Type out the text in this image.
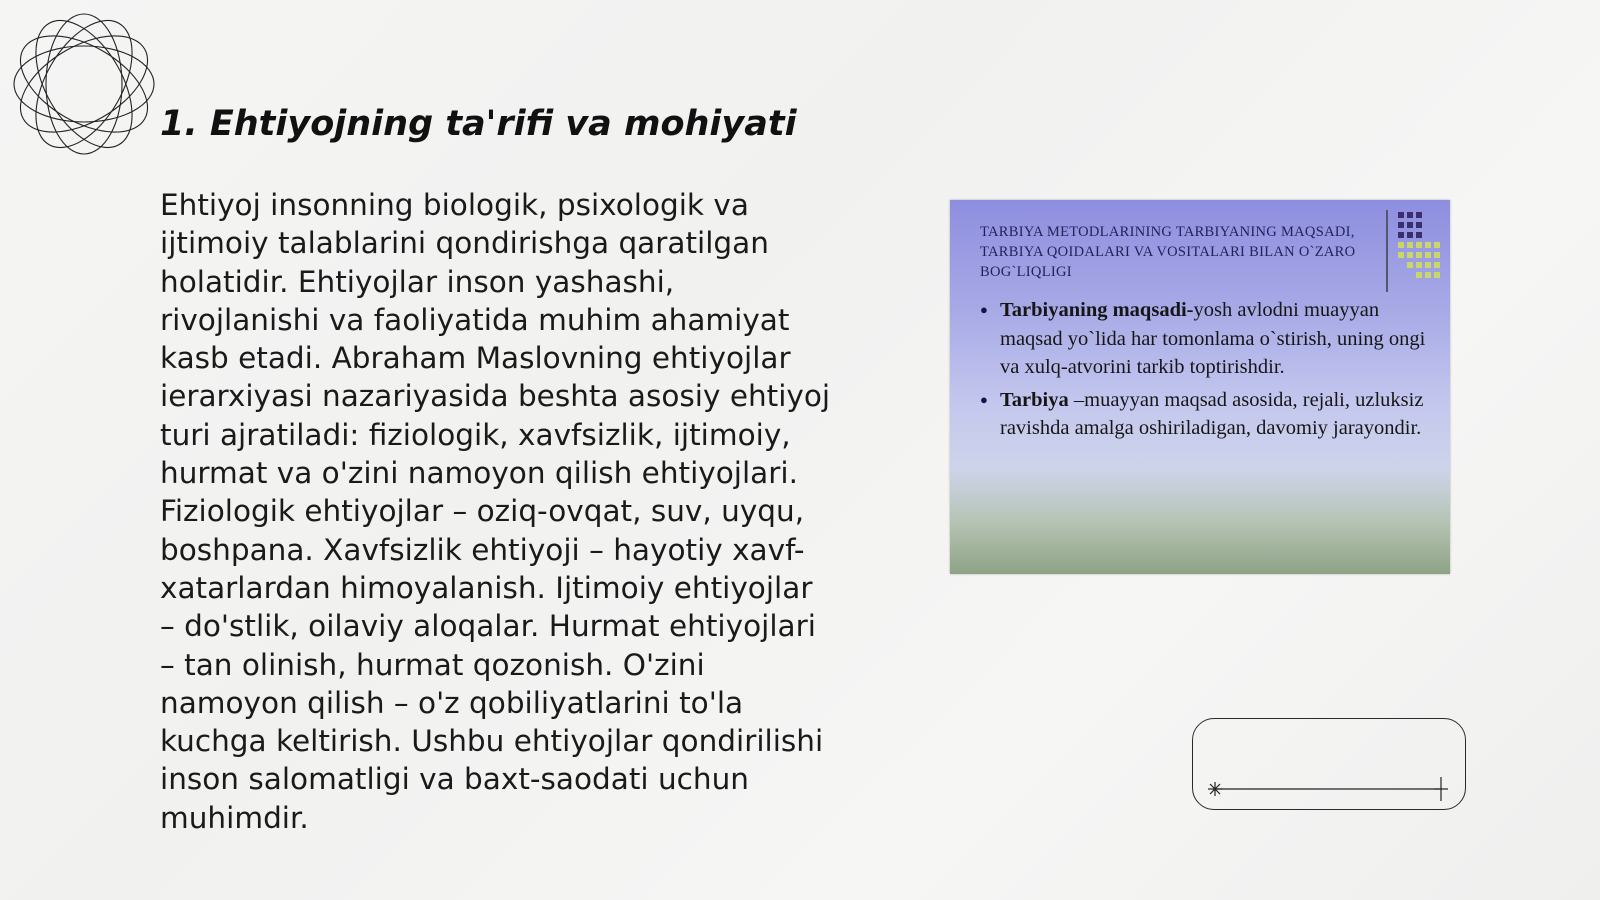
1. Ehtiyojning ta'rifi va mohiyati

Ehtiyoj insonning biologik, psixologik va
ijtimoiy talablarini qondirishga qaratilgan
holatidir. Ehtiyojlar inson yashashi,
rivojlanishi va faoliyatida muhim ahamiyat
kasb etadi. Abraham Maslovning ehtiyojlar
ierarxiyasi nazariyasida beshta asosiy ehtiyoj
turi ajratiladi: fiziologik, xavfsizlik, ijtimoiy,
hurmat va o'zini namoyon qilish ehtiyojlari.
Fiziologik ehtiyojlar – oziq-ovqat, suv, uyqu,
boshpana. Xavfsizlik ehtiyoji – hayotiy xavf-
xatarlardan himoyalanish. Ijtimoiy ehtiyojlar
– do'stlik, oilaviy aloqalar. Hurmat ehtiyojlari
– tan olinish, hurmat qozonish. O'zini
namoyon qilish – o'z qobiliyatlarini to'la
kuchga keltirish. Ushbu ehtiyojlar qondirilishi
inson salomatligi va baxt-saodati uchun
muhimdir.

TARBIYA METODLARINING TARBIYANING MAQSADI, TARBIYA QOIDALARI VA VOSITALARI BILAN O`ZARO BOG`LIQLIGI
● Tarbiyaning maqsadi-yosh avlodni muayyan maqsad yo`lida har tomonlama o`stirish, uning ongi va xulq-atvorini tarkib toptirishdir.
● Tarbiya –muayyan maqsad asosida, rejali, uzluksiz ravishda amalga oshiriladigan, davomiy jarayondir.
